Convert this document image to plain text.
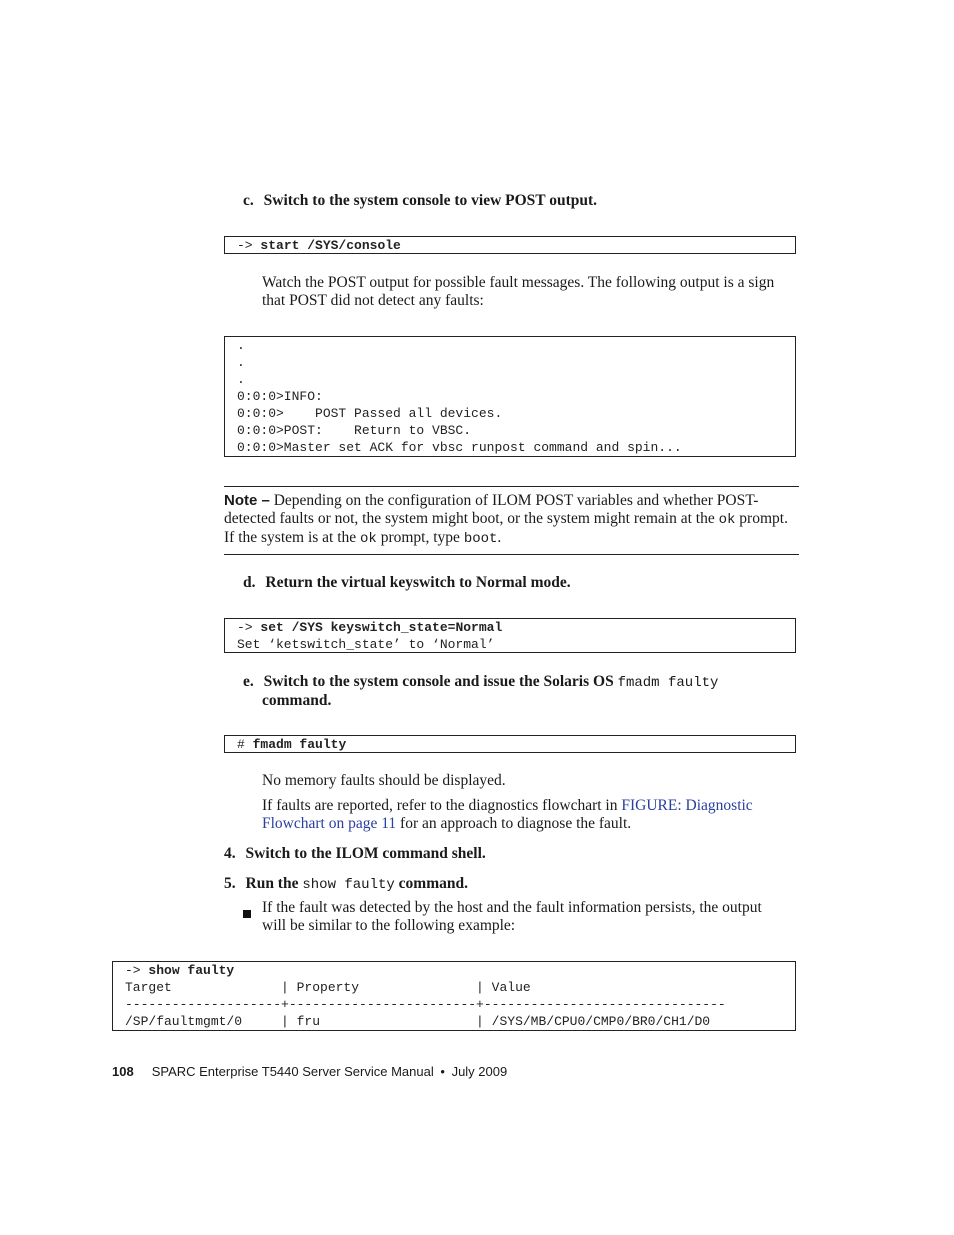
c. Switch to the system console to view POST output.
-> start /SYS/console
Watch the POST output for possible fault messages. The following output is a sign that POST did not detect any faults:
.
.
.
0:0:0>INFO:
0:0:0>    POST Passed all devices.
0:0:0>POST:    Return to VBSC.
0:0:0>Master set ACK for vbsc runpost command and spin...
Note – Depending on the configuration of ILOM POST variables and whether POST-detected faults or not, the system might boot, or the system might remain at the ok prompt. If the system is at the ok prompt, type boot.
d. Return the virtual keyswitch to Normal mode.
-> set /SYS keyswitch_state=Normal
Set ‘ketswitch_state’ to ‘Normal’
e. Switch to the system console and issue the Solaris OS fmadm faulty
command.
# fmadm faulty
No memory faults should be displayed.
If faults are reported, refer to the diagnostics flowchart in FIGURE: Diagnostic Flowchart on page 11 for an approach to diagnose the fault.
4. Switch to the ILOM command shell.
5. Run the show faulty command.
If the fault was detected by the host and the fault information persists, the output will be similar to the following example:
-> show faulty
Target              | Property               | Value
--------------------+------------------------+-------------------------------
/SP/faultmgmt/0     | fru                    | /SYS/MB/CPU0/CMP0/BR0/CH1/D0
108 SPARC Enterprise T5440 Server Service Manual • July 2009
